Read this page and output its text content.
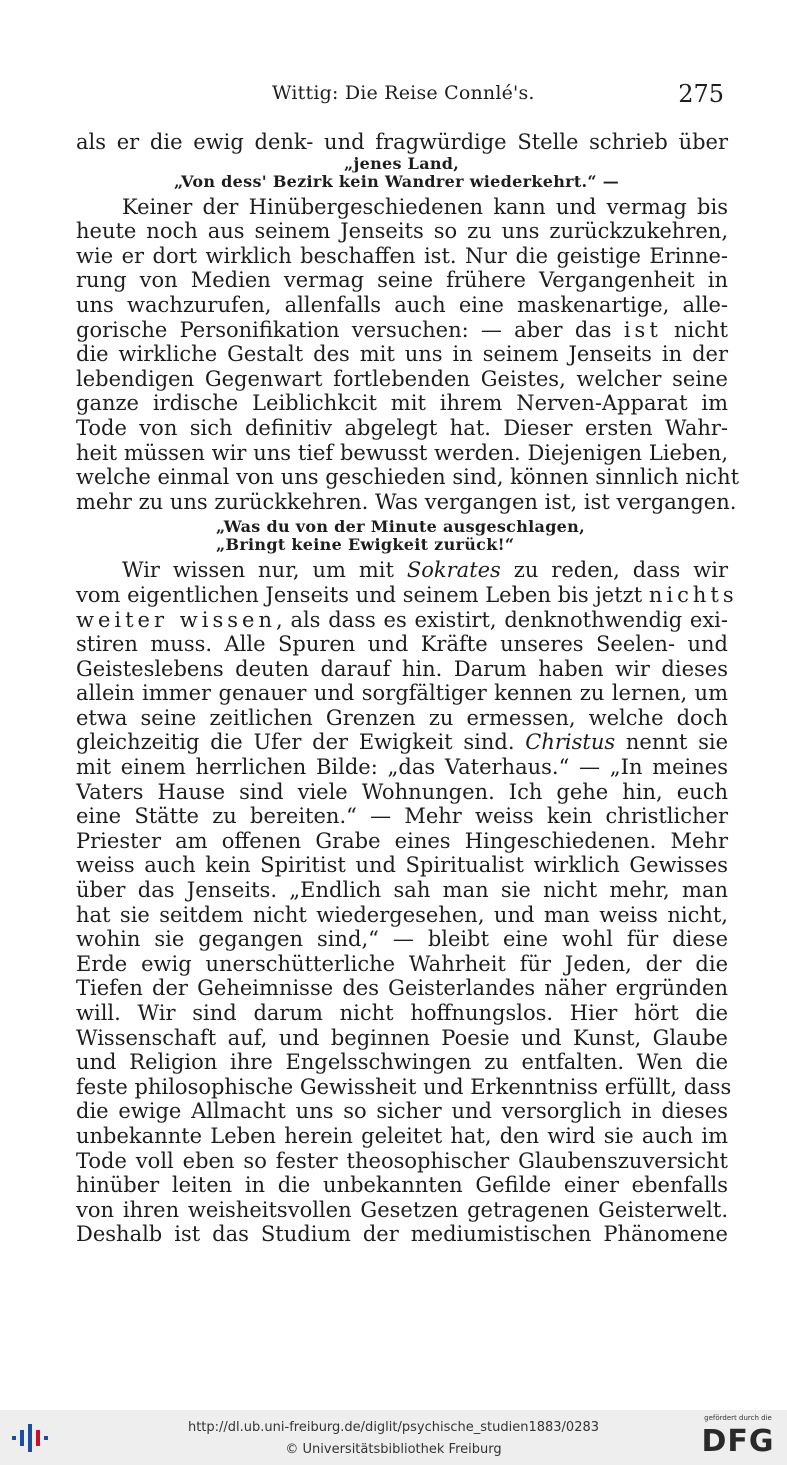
Wittig: Die Reise Connlé's.	275
als er die ewig denk- und fragwürdige Stelle schrieb über
„jenes Land,
„Von dess' Bezirk kein Wandrer wiederkehrt.“ —
Keiner der Hinübergeschiedenen kann und vermag bis
heute noch aus seinem Jenseits so zu uns zurückzukehren,
wie er dort wirklich beschaffen ist. Nur die geistige Erinne-
rung von Medien vermag seine frühere Vergangenheit in
uns wachzurufen, allenfalls auch eine maskenartige, alle-
gorische Personifikation versuchen: — aber das ist nicht
die wirkliche Gestalt des mit uns in seinem Jenseits in der
lebendigen Gegenwart fortlebenden Geistes, welcher seine
ganze irdische Leiblichkcit mit ihrem Nerven-Apparat im
Tode von sich definitiv abgelegt hat. Dieser ersten Wahr-
heit müssen wir uns tief bewusst werden. Diejenigen Lieben,
welche einmal von uns geschieden sind, können sinnlich nicht
mehr zu uns zurückkehren. Was vergangen ist, ist vergangen.
„Was du von der Minute ausgeschlagen,
„Bringt keine Ewigkeit zurück!“
Wir wissen nur, um mit Sokrates zu reden, dass wir
vom eigentlichen Jenseits und seinem Leben bis jetzt nichts
weiter wissen, als dass es existirt, denknothwendig exi-
stiren muss. Alle Spuren und Kräfte unseres Seelen- und
Geisteslebens deuten darauf hin. Darum haben wir dieses
allein immer genauer und sorgfältiger kennen zu lernen, um
etwa seine zeitlichen Grenzen zu ermessen, welche doch
gleichzeitig die Ufer der Ewigkeit sind. Christus nennt sie
mit einem herrlichen Bilde: „das Vaterhaus.“ — „In meines
Vaters Hause sind viele Wohnungen. Ich gehe hin, euch
eine Stätte zu bereiten.“ — Mehr weiss kein christlicher
Priester am offenen Grabe eines Hingeschiedenen. Mehr
weiss auch kein Spiritist und Spiritualist wirklich Gewisses
über das Jenseits. „Endlich sah man sie nicht mehr, man
hat sie seitdem nicht wiedergesehen, und man weiss nicht,
wohin sie gegangen sind,“ — bleibt eine wohl für diese
Erde ewig unerschütterliche Wahrheit für Jeden, der die
Tiefen der Geheimnisse des Geisterlandes näher ergründen
will. Wir sind darum nicht hoffnungslos. Hier hört die
Wissenschaft auf, und beginnen Poesie und Kunst, Glaube
und Religion ihre Engelsschwingen zu entfalten. Wen die
feste philosophische Gewissheit und Erkenntniss erfüllt, dass
die ewige Allmacht uns so sicher und versorglich in dieses
unbekannte Leben herein geleitet hat, den wird sie auch im
Tode voll eben so fester theosophischer Glaubenszuversicht
hinüber leiten in die unbekannten Gefilde einer ebenfalls
von ihren weisheitsvollen Gesetzen getragenen Geisterwelt.
Deshalb ist das Studium der mediumistischen Phänomene
http://dl.ub.uni-freiburg.de/diglit/psychische_studien1883/0283
© Universitätsbibliothek Freiburg
gefördert durch die
DFG
